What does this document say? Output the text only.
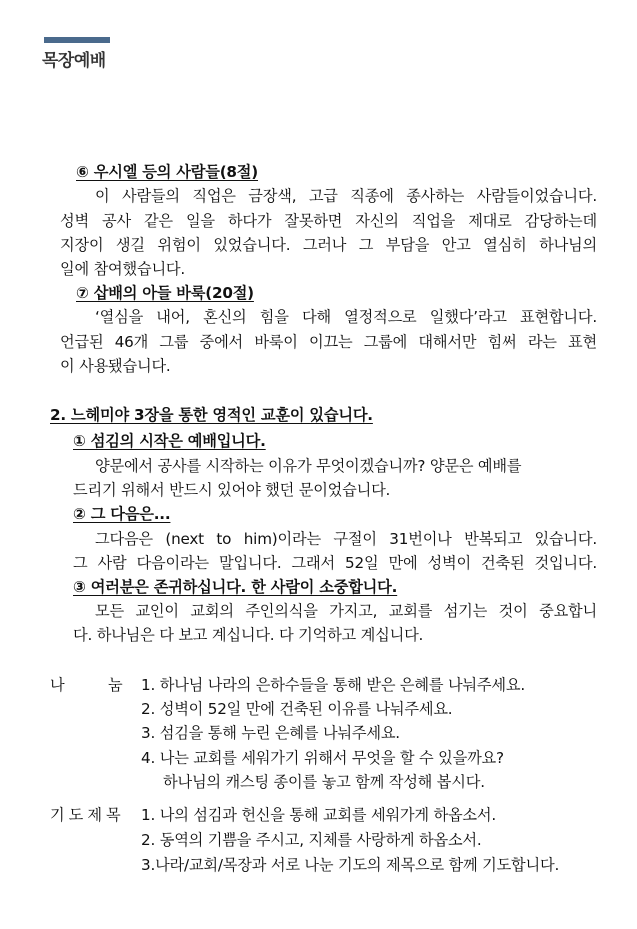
목장예배
⑥ 우시엘 등의 사람들(8절)
이 사람들의 직업은 금장색, 고급 직종에 종사하는 사람들이었습니다.
성벽 공사 같은 일을 하다가 잘못하면 자신의 직업을 제대로 감당하는데
지장이 생길 위험이 있었습니다. 그러나 그 부담을 안고 열심히 하나님의
일에 참여했습니다.
⑦ 삽배의 아들 바룩(20절)
‘열심을 내어, 혼신의 힘을 다해 열정적으로 일했다’라고 표현합니다.
언급된 46개 그룹 중에서 바룩이 이끄는 그룹에 대해서만 힘써 라는 표현
이 사용됐습니다.
2. 느헤미야 3장을 통한 영적인 교훈이 있습니다.
① 섬김의 시작은 예배입니다.
양문에서 공사를 시작하는 이유가 무엇이겠습니까? 양문은 예배를
드리기 위해서 반드시 있어야 했던 문이었습니다.
② 그 다음은...
그다음은 (next to him)이라는 구절이 31번이나 반복되고 있습니다.
그 사람 다음이라는 말입니다. 그래서 52일 만에 성벽이 건축된 것입니다.
③ 여러분은 존귀하십니다. 한 사람이 소중합니다.
모든 교인이 교회의 주인의식을 가지고, 교회를 섬기는 것이 중요합니
다. 하나님은 다 보고 계십니다. 다 기억하고 계십니다.
나	눔 1. 하나님 나라의 은하수들을 통해 받은 은혜를 나눠주세요.
2. 성벽이 52일 만에 건축된 이유를 나눠주세요.
3. 섬김을 통해 누린 은혜를 나눠주세요.
4. 나는 교회를 세워가기 위해서 무엇을 할 수 있을까요?
하나님의 캐스팅 종이를 놓고 함께 작성해 봅시다.
기도제목 1. 나의 섬김과 헌신을 통해 교회를 세워가게 하옵소서.
2. 동역의 기쁨을 주시고, 지체를 사랑하게 하옵소서.
3.나라/교회/목장과 서로 나눈 기도의 제목으로 함께 기도합니다.
